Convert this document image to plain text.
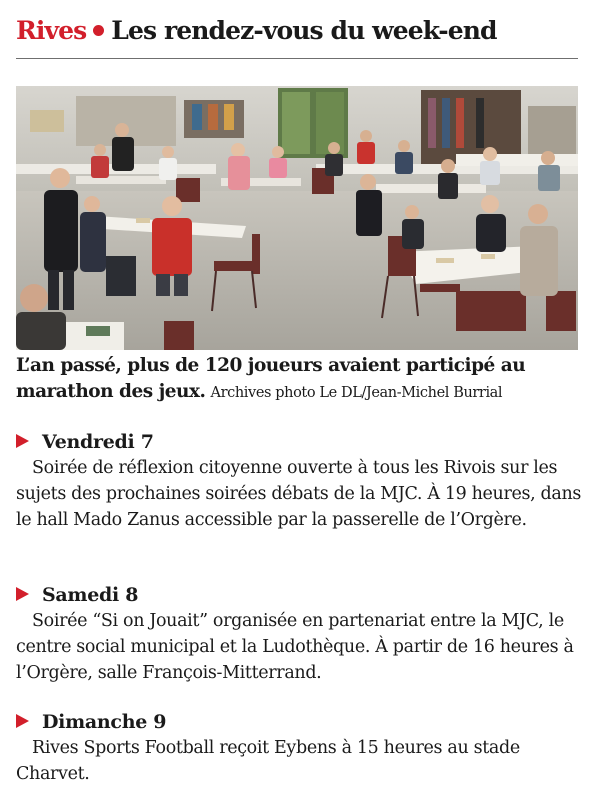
Rives Les rendez-vous du week-end
L’an passé, plus de 120 joueurs avaient participé au marathon des jeux. Archives photo Le DL/Jean-Michel Burrial
Vendredi 7
Soirée de réflexion citoyenne ouverte à tous les Rivois sur les sujets des prochaines soirées débats de la MJC. À 19 heures, dans le hall Mado Zanus accessible par la passerelle de l’Orgère.
Samedi 8
Soirée “Si on Jouait” organisée en partenariat entre la MJC, le centre social municipal et la Ludothèque. À partir de 16 heures à l’Orgère, salle François-Mitterrand.
Dimanche 9
Rives Sports Football reçoit Eybens à 15 heures au stade Charvet.
